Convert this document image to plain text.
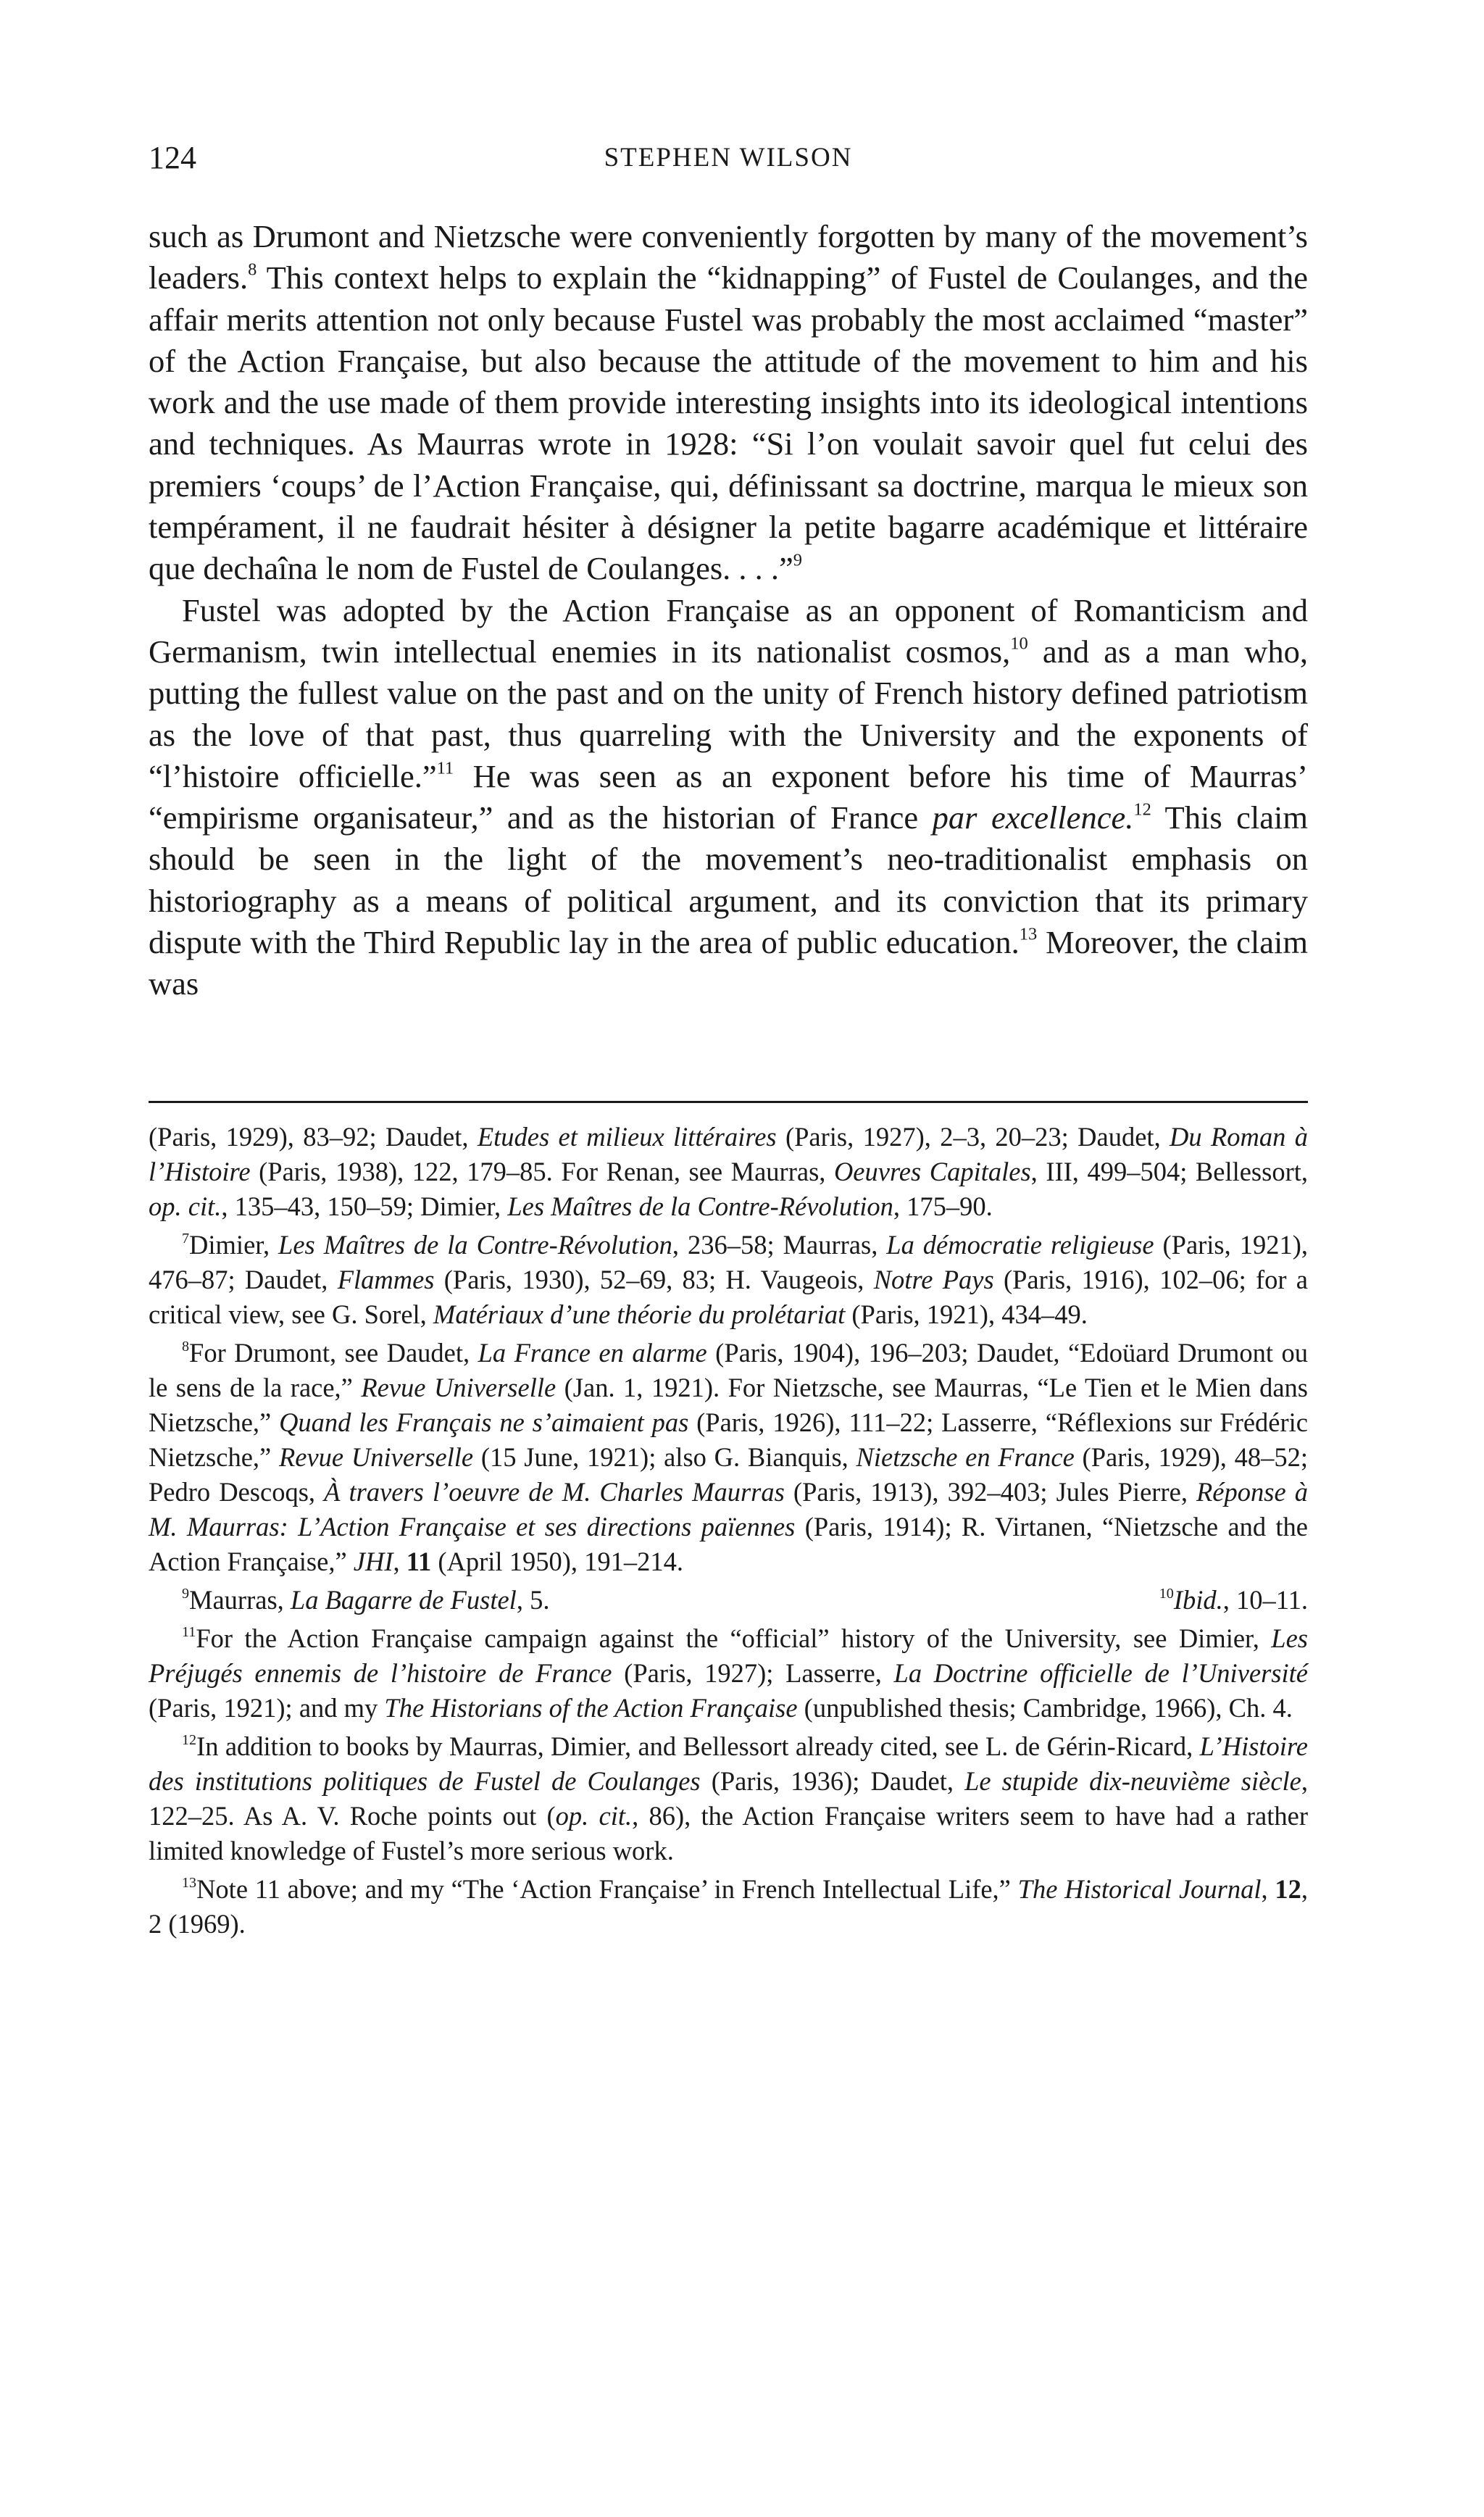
124	STEPHEN WILSON

such as Drumont and Nietzsche were conveniently forgotten by many of the movement’s leaders.$^8$ This context helps to explain the “kidnapping” of Fustel de Coulanges, and the affair merits attention not only because Fustel was probably the most acclaimed “master” of the Action Française, but also because the attitude of the movement to him and his work and the use made of them provide interesting insights into its ideological intentions and techniques. As Maurras wrote in 1928: “Si l’on voulait savoir quel fut celui des premiers ‘coups’ de l’Action Française, qui, définissant sa doctrine, marqua le mieux son tempérament, il ne faudrait hésiter à désigner la petite bagarre académique et littéraire que dechaîna le nom de Fustel de Coulanges. . . .”$^9$

Fustel was adopted by the Action Française as an opponent of Romanticism and Germanism, twin intellectual enemies in its nationalist cosmos,$^{10}$ and as a man who, putting the fullest value on the past and on the unity of French history defined patriotism as the love of that past, thus quarreling with the University and the exponents of “l’histoire officielle.”$^{11}$ He was seen as an exponent before his time of Maurras’ “empirisme organisateur,” and as the historian of France par excellence.$^{12}$ This claim should be seen in the light of the movement’s neo-traditionalist emphasis on historiography as a means of political argument, and its conviction that its primary dispute with the Third Republic lay in the area of public education.$^{13}$ Moreover, the claim was

(Paris, 1929), 83–92; Daudet, Etudes et milieux littéraires (Paris, 1927), 2–3, 20–23; Daudet, Du Roman à l’Histoire (Paris, 1938), 122, 179–85. For Renan, see Maurras, Oeuvres Capitales, III, 499–504; Bellessort, op. cit., 135–43, 150–59; Dimier, Les Maîtres de la Contre-Révolution, 175–90.

$^7$Dimier, Les Maîtres de la Contre-Révolution, 236–58; Maurras, La démocratie religieuse (Paris, 1921), 476–87; Daudet, Flammes (Paris, 1930), 52–69, 83; H. Vaugeois, Notre Pays (Paris, 1916), 102–06; for a critical view, see G. Sorel, Matériaux d’une théorie du prolétariat (Paris, 1921), 434–49.

$^8$For Drumont, see Daudet, La France en alarme (Paris, 1904), 196–203; Daudet, “Edoüard Drumont ou le sens de la race,” Revue Universelle (Jan. 1, 1921). For Nietzsche, see Maurras, “Le Tien et le Mien dans Nietzsche,” Quand les Français ne s’aimaient pas (Paris, 1926), 111–22; Lasserre, “Réflexions sur Frédéric Nietzsche,” Revue Universelle (15 June, 1921); also G. Bianquis, Nietzsche en France (Paris, 1929), 48–52; Pedro Descoqs, À travers l’oeuvre de M. Charles Maurras (Paris, 1913), 392–403; Jules Pierre, Réponse à M. Maurras: L’Action Française et ses directions païennes (Paris, 1914); R. Virtanen, “Nietzsche and the Action Française,” JHI, 11 (April 1950), 191–214.

$^9$Maurras, La Bagarre de Fustel, 5.	$^{10}$Ibid., 10–11.

$^{11}$For the Action Française campaign against the “official” history of the University, see Dimier, Les Préjugés ennemis de l’histoire de France (Paris, 1927); Lasserre, La Doctrine officielle de l’Université (Paris, 1921); and my The Historians of the Action Française (unpublished thesis; Cambridge, 1966), Ch. 4.

$^{12}$In addition to books by Maurras, Dimier, and Bellessort already cited, see L. de Gérin-Ricard, L’Histoire des institutions politiques de Fustel de Coulanges (Paris, 1936); Daudet, Le stupide dix-neuvième siècle, 122–25. As A. V. Roche points out (op. cit., 86), the Action Française writers seem to have had a rather limited knowledge of Fustel’s more serious work.

$^{13}$Note 11 above; and my “The ‘Action Française’ in French Intellectual Life,” The Historical Journal, 12, 2 (1969).
